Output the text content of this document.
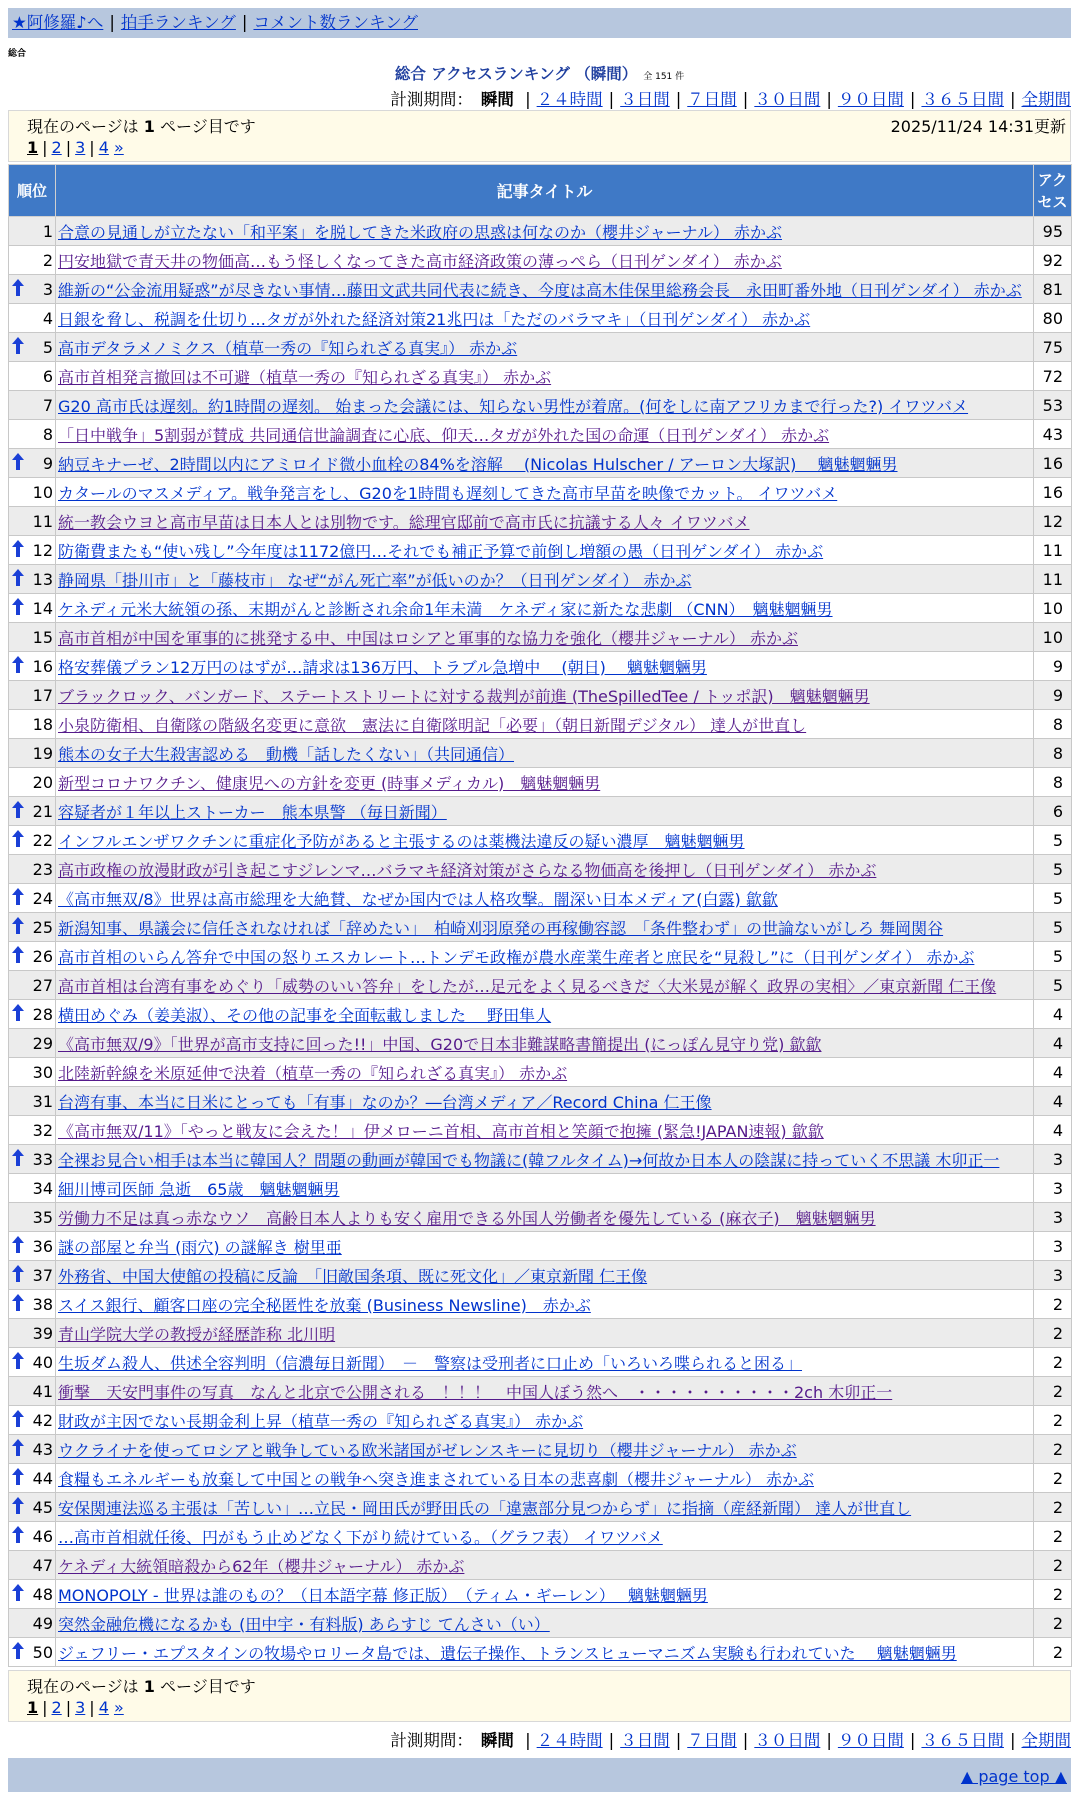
★阿修羅♪へ | 拍手ランキング | コメント数ランキング
総合
総合 アクセスランキング （瞬間） 全 151 件
計測期間： 瞬間 | ２４時間 | ３日間 | ７日間 | ３０日間 | ９０日間 | ３６５日間 | 全期間
現在のページは 1 ページ目です	2025/11/24 14:31更新
1 | 2 | 3 | 4 »
順位	記事タイトル	アクセス
1	合意の見通しが立たない「和平案」を脱してきた米政府の思惑は何なのか（櫻井ジャーナル） 赤かぶ	95
2	円安地獄で青天井の物価高…もう怪しくなってきた高市経済政策の薄っぺら（日刊ゲンダイ） 赤かぶ	92

3	維新の“公金流用疑惑”が尽きない事情…藤田文武共同代表に続き、今度は高木佳保里総務会長　永田町番外地（日刊ゲンダイ） 赤かぶ	81
4	日銀を脅し、税調を仕切り…タガが外れた経済対策21兆円は「ただのバラマキ」（日刊ゲンダイ） 赤かぶ	80

5	高市デタラメノミクス（植草一秀の『知られざる真実』） 赤かぶ	75
6	高市首相発言撤回は不可避（植草一秀の『知られざる真実』） 赤かぶ	72
7	G20 高市氏は遅刻。約1時間の遅刻。 始まった会議には、知らない男性が着席。(何をしに南アフリカまで行った?) イワツバメ	53
8	「日中戦争」5割弱が賛成 共同通信世論調査に心底、仰天…タガが外れた国の命運（日刊ゲンダイ） 赤かぶ	43

9	納豆キナーゼ、2時間以内にアミロイド微小血栓の84%を溶解　 (Nicolas Hulscher / アーロン大塚訳)　 魑魅魍魎男	16
10	カタールのマスメディア。戦争発言をし、G20を1時間も遅刻してきた高市早苗を映像でカット。 イワツバメ	16
11	統一教会ウヨと高市早苗は日本人とは別物です。総理官邸前で高市氏に抗議する人々 イワツバメ	12

12	防衛費またも“使い残し”今年度は1172億円…それでも補正予算で前倒し増額の愚（日刊ゲンダイ） 赤かぶ	11

13	静岡県「掛川市」と「藤枝市」 なぜ“がん死亡率”が低いのか？（日刊ゲンダイ） 赤かぶ	11

14	ケネディ元米大統領の孫、末期がんと診断され余命1年未満　ケネディ家に新たな悲劇 （CNN）　魑魅魍魎男	10
15	高市首相が中国を軍事的に挑発する中、中国はロシアと軍事的な協力を強化（櫻井ジャーナル） 赤かぶ	10

16	格安葬儀プラン12万円のはずが…請求は136万円、トラブル急増中　 (朝日)　 魑魅魍魎男	9
17	ブラックロック、バンガード、ステートストリートに対する裁判が前進 (TheSpilledTee / トッポ訳)　魑魅魍魎男	9
18	小泉防衛相、自衛隊の階級名変更に意欲　憲法に自衛隊明記「必要」（朝日新聞デジタル） 達人が世直し	8
19	熊本の女子大生殺害認める　動機「話したくない」（共同通信）	8
20	新型コロナワクチン、健康児への方針を変更 (時事メディカル)　魑魅魍魎男	8

21	容疑者が１年以上ストーカー　熊本県警 （毎日新聞）	6

22	インフルエンザワクチンに重症化予防があると主張するのは薬機法違反の疑い濃厚　魑魅魍魎男	5
23	高市政権の放漫財政が引き起こすジレンマ…バラマキ経済対策がさらなる物価高を後押し（日刊ゲンダイ） 赤かぶ	5

24	《高市無双/8》世界は高市総理を大絶賛、なぜか国内では人格攻撃。闇深い日本メディア(白露) 歙歙	5

25	新潟知事、県議会に信任されなければ「辞めたい」　柏崎刈羽原発の再稼働容認　「条件整わず」の世論ないがしろ 舞岡関谷	5

26	高市首相のいらん答弁で中国の怒りエスカレート…トンデモ政権が農水産業生産者と庶民を“見殺し”に（日刊ゲンダイ） 赤かぶ	5
27	高市首相は台湾有事をめぐり「威勢のいい答弁」をしたが…足元をよく見るべきだ〈大米晃が解く 政界の実相〉／東京新聞 仁王像	5

28	横田めぐみ（姜美淑）、その他の記事を全面転載しました　 野田隼人	4
29	《高市無双/9》「世界が高市支持に回った!!」中国、G20で日本非難謀略書簡提出 (にっぽん見守り党) 歙歙	4
30	北陸新幹線を米原延伸で決着（植草一秀の『知られざる真実』） 赤かぶ	4
31	台湾有事、本当に日米にとっても「有事」なのか？―台湾メディア／Record China 仁王像	4
32	《高市無双/11》「やっと戦友に会えた！」伊メローニ首相、高市首相と笑顔で抱擁 (緊急!JAPAN速報) 歙歙	4

33	全裸お見合い相手は本当に韓国人？問題の動画が韓国でも物議に(韓フルタイム)→何故か日本人の陰謀に持っていく不思議 木卯正一	3
34	細川博司医師 急逝　65歳　魑魅魍魎男	3
35	労働力不足は真っ赤なウソ　高齢日本人よりも安く雇用できる外国人労働者を優先している (麻衣子)　魑魅魍魎男	3

36	謎の部屋と弁当 (雨穴) の謎解き 樹里亜	3

37	外務省、中国大使館の投稿に反論　「旧敵国条項、既に死文化」／東京新聞 仁王像	3

38	スイス銀行、顧客口座の完全秘匿性を放棄 (Business Newsline)　赤かぶ	2
39	青山学院大学の教授が経歴詐称 北川明	2

40	生坂ダム殺人、供述全容判明（信濃毎日新聞）　－　警察は受刑者に口止め「いろいろ喋られると困る」	2
41	衝撃　天安門事件の写真　なんと北京で公開される　！！！　中国人ぼう然へ　・・・・・・・・・・2ch 木卯正一	2

42	財政が主因でない長期金利上昇（植草一秀の『知られざる真実』） 赤かぶ	2

43	ウクライナを使ってロシアと戦争している欧米諸国がゼレンスキーに見切り（櫻井ジャーナル） 赤かぶ	2

44	食糧もエネルギーも放棄して中国との戦争へ突き進まされている日本の悲喜劇（櫻井ジャーナル） 赤かぶ	2

45	安保関連法巡る主張は「苦しい」…立民・岡田氏が野田氏の「違憲部分見つからず」に指摘（産経新聞） 達人が世直し	2

46	…高市首相就任後、円がもう止めどなく下がり続けている。（グラフ表） イワツバメ	2
47	ケネディ大統領暗殺から62年（櫻井ジャーナル） 赤かぶ	2

48	MONOPOLY - 世界は誰のもの？（日本語字幕 修正版）　（ティム・ギーレン）　 魑魅魍魎男	2
49	突然金融危機になるかも (田中宇・有料版) あらすじ てんさい（い）	2

50	ジェフリー・エプスタインの牧場やロリータ島では、遺伝子操作、トランスヒューマニズム実験も行われていた　 魑魅魍魎男	2
現在のページは 1 ページ目です
1 | 2 | 3 | 4 »
計測期間： 瞬間 | ２４時間 | ３日間 | ７日間 | ３０日間 | ９０日間 | ３６５日間 | 全期間
▲ page top ▲
